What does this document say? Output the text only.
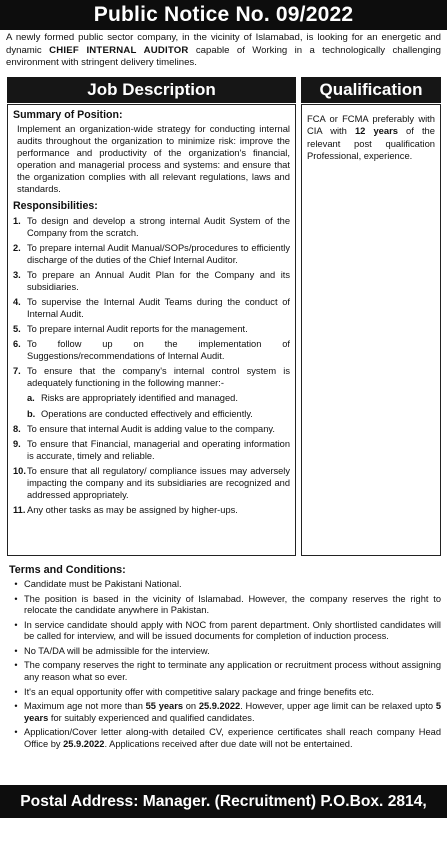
Public Notice No. 09/2022
A newly formed public sector company, in the vicinity of Islamabad, is looking for an energetic and dynamic CHIEF INTERNAL AUDITOR capable of Working in a technologically challenging environment with stringent delivery timelines.
Job Description	Qualification
Summary of Position:
Implement an organization-wide strategy for conducting internal audits throughout the organization to minimize risk: improve the performance and productivity of the organization's financial, operation and managerial process and systems: and ensure that the organization complies with all relevant regulations, laws and standards.
Responsibilities:
1. To design and develop a strong internal Audit System of the Company from the scratch.
2. To prepare internal Audit Manual/SOPs/procedures to efficiently discharge of the duties of the Chief Internal Auditor.
3. To prepare an Annual Audit Plan for the Company and its subsidiaries.
4. To supervise the Internal Audit Teams during the conduct of Internal Audit.
5. To prepare internal Audit reports for the management.
6. To follow up on the implementation of Suggestions/recommendations of Internal Audit.
7. To ensure that the company's internal control system is adequately functioning in the following manner:-
a. Risks are appropriately identified and managed.
b. Operations are conducted effectively and efficiently.
8. To ensure that internal Audit is adding value to the company.
9. To ensure that Financial, managerial and operating information is accurate, timely and reliable.
10. To ensure that all regulatory/ compliance issues may adversely impacting the company and its subsidiaries are recognized and addressed appropriately.
11. Any other tasks as may be assigned by higher-ups.
FCA or FCMA preferably with CIA with 12 years of the relevant post qualification Professional, experience.
Terms and Conditions:
• Candidate must be Pakistani National.
• The position is based in the vicinity of Islamabad. However, the company reserves the right to relocate the candidate anywhere in Pakistan.
• In service candidate should apply with NOC from parent department. Only shortlisted candidates will be called for interview, and will be issued documents for completion of induction process.
• No TA/DA will be admissible for the interview.
• The company reserves the right to terminate any application or recruitment process without assigning any reason what so ever.
• It's an equal opportunity offer with competitive salary package and fringe benefits etc.
• Maximum age not more than 55 years on 25.9.2022. However, upper age limit can be relaxed upto 5 years for suitably experienced and qualified candidates.
• Application/Cover letter along-with detailed CV, experience certificates shall reach company Head Office by 25.9.2022. Applications received after due date will not be entertained.
Postal Address: Manager. (Recruitment) P.O.Box. 2814, Islamabad
